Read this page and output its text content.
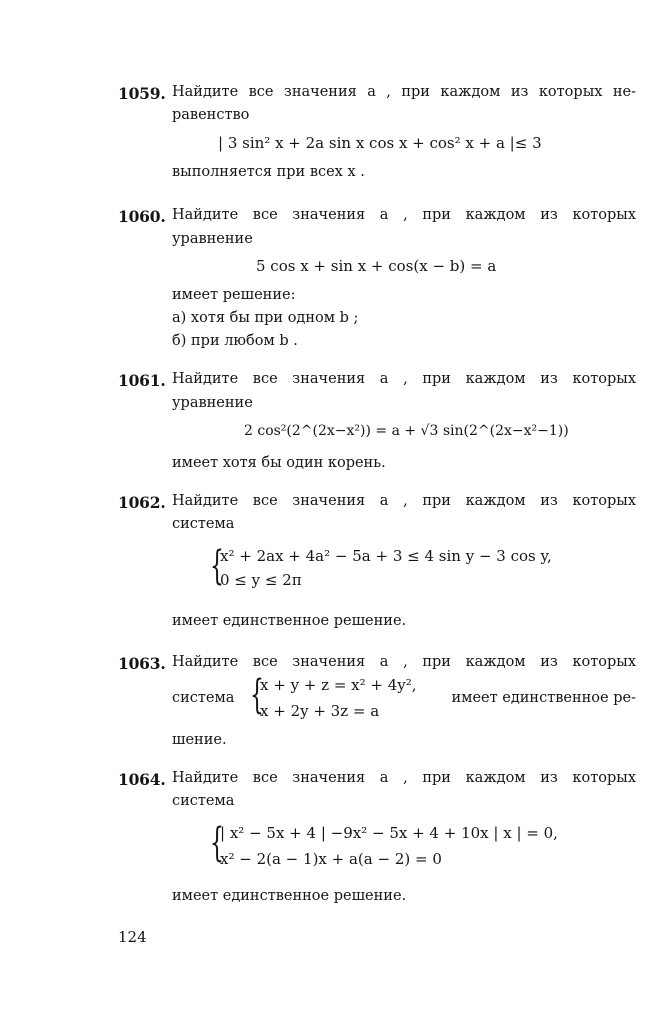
1059. Найдите все значения a , при каждом из которых не-
равенство
| 3 sin² x + 2a sin x cos x + cos² x + a |≤ 3
выполняется при всех x .
1060. Найдите все значения a , при каждом из которых
уравнение
5 cos x + sin x + cos(x − b) = a
имеет решение:
а) хотя бы при одном b ;
б) при любом b .
1061. Найдите все значения a , при каждом из которых
уравнение
2 cos²(2^(2x−x²)) = a + √3 sin(2^(2x−x²−1))
имеет хотя бы один корень.
1062. Найдите все значения a , при каждом из которых
система
{
x² + 2ax + 4a² − 5a + 3 ≤ 4 sin y − 3 cos y,
0 ≤ y ≤ 2π
имеет единственное решение.
1063. Найдите все значения a , при каждом из которых
система {
x + y + z = x² + 4y²,
x + 2y + 3z = a
имеет единственное ре-
шение.
1064. Найдите все значения a , при каждом из которых
система
{
| x² − 5x + 4 | −9x² − 5x + 4 + 10x | x | = 0,
x² − 2(a − 1)x + a(a − 2) = 0
имеет единственное решение.
124
